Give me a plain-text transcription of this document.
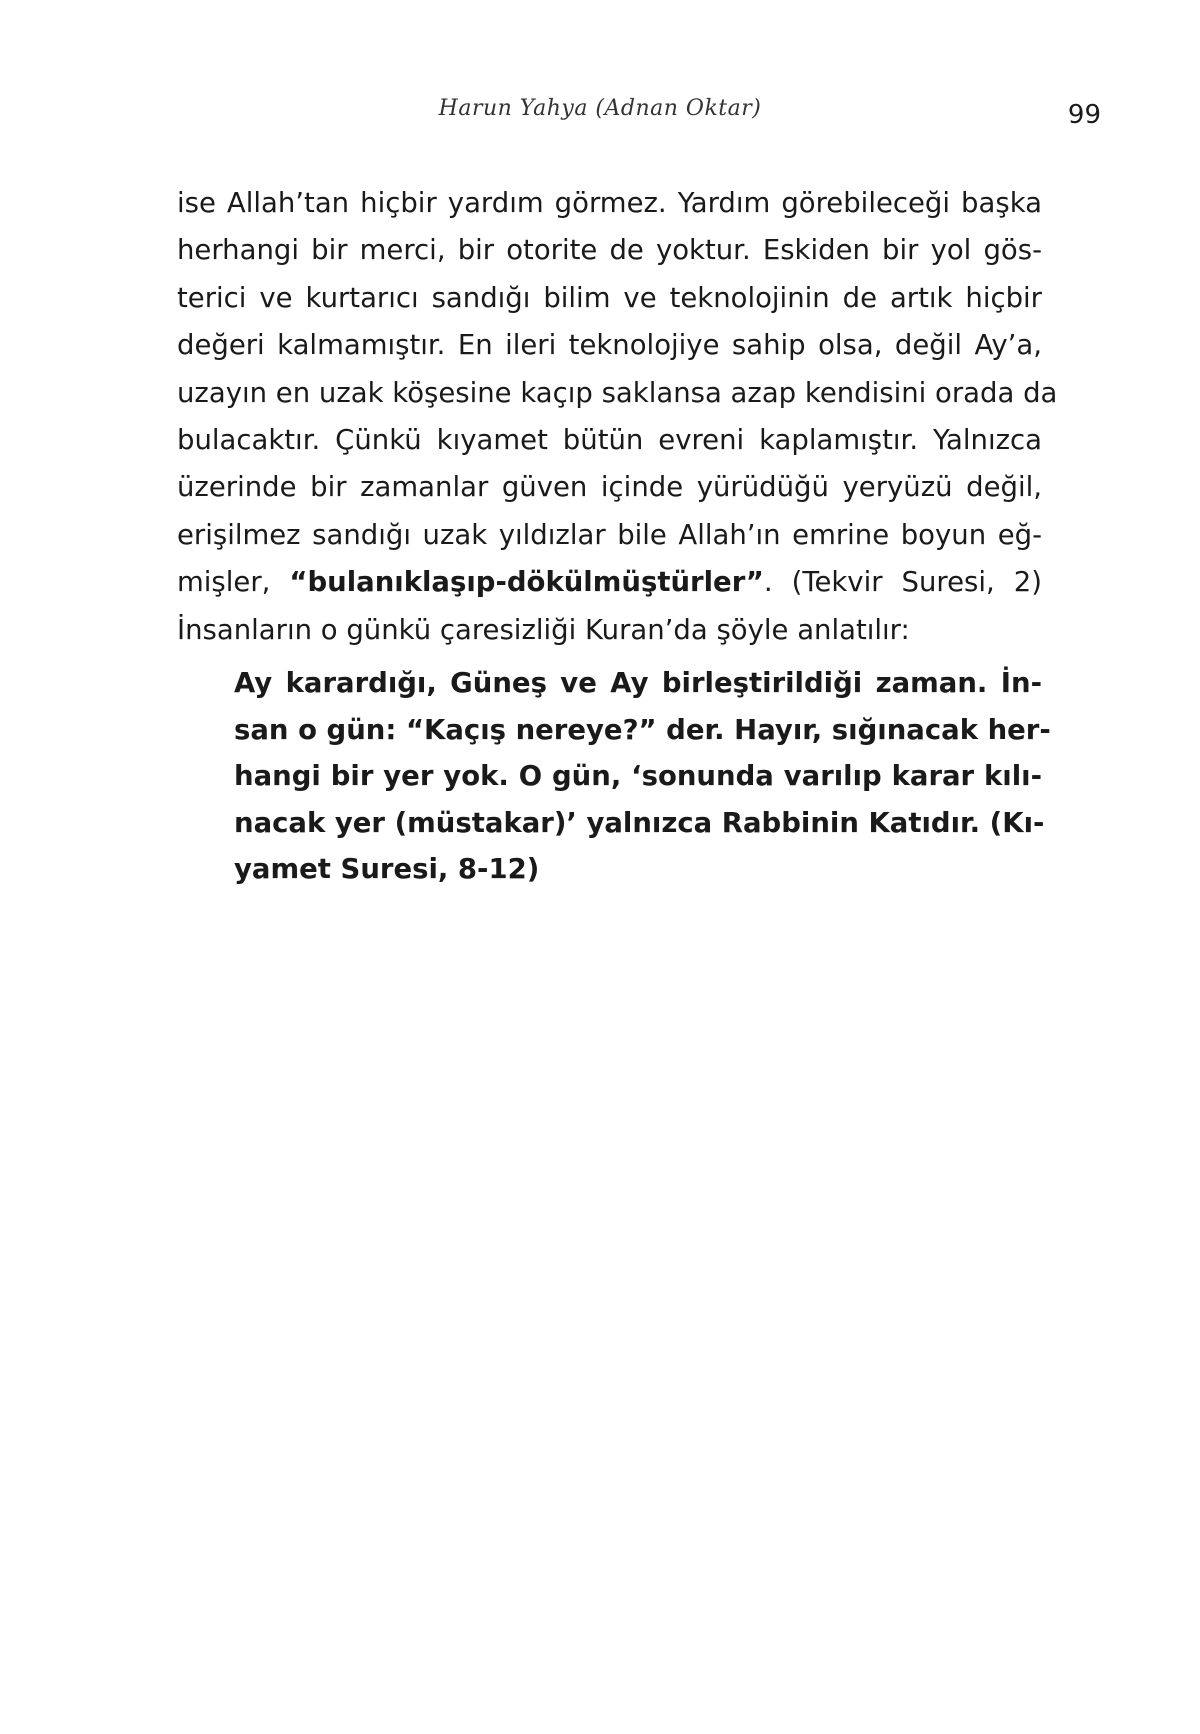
Harun Yahya (Adnan Oktar)	99
ise Allah’tan hiçbir yardım görmez. Yardım görebileceği başka
herhangi bir merci, bir otorite de yoktur. Eskiden bir yol gös-
terici ve kurtarıcı sandığı bilim ve teknolojinin de artık hiçbir
değeri kalmamıştır. En ileri teknolojiye sahip olsa, değil Ay’a,
uzayın en uzak köşesine kaçıp saklansa azap kendisini orada da
bulacaktır. Çünkü kıyamet bütün evreni kaplamıştır. Yalnızca
üzerinde bir zamanlar güven içinde yürüdüğü yeryüzü değil,
erişilmez sandığı uzak yıldızlar bile Allah’ın emrine boyun eğ-
mişler, “bulanıklaşıp-dökülmüştürler”. (Tekvir Suresi, 2)
İnsanların o günkü çaresizliği Kuran’da şöyle anlatılır:
Ay karardığı, Güneş ve Ay birleştirildiği zaman. İn-
san o gün: “Kaçış nereye?” der. Hayır, sığınacak her-
hangi bir yer yok. O gün, ‘sonunda varılıp karar kılı-
nacak yer (müstakar)’ yalnızca Rabbinin Katıdır. (Kı-
yamet Suresi, 8-12)
